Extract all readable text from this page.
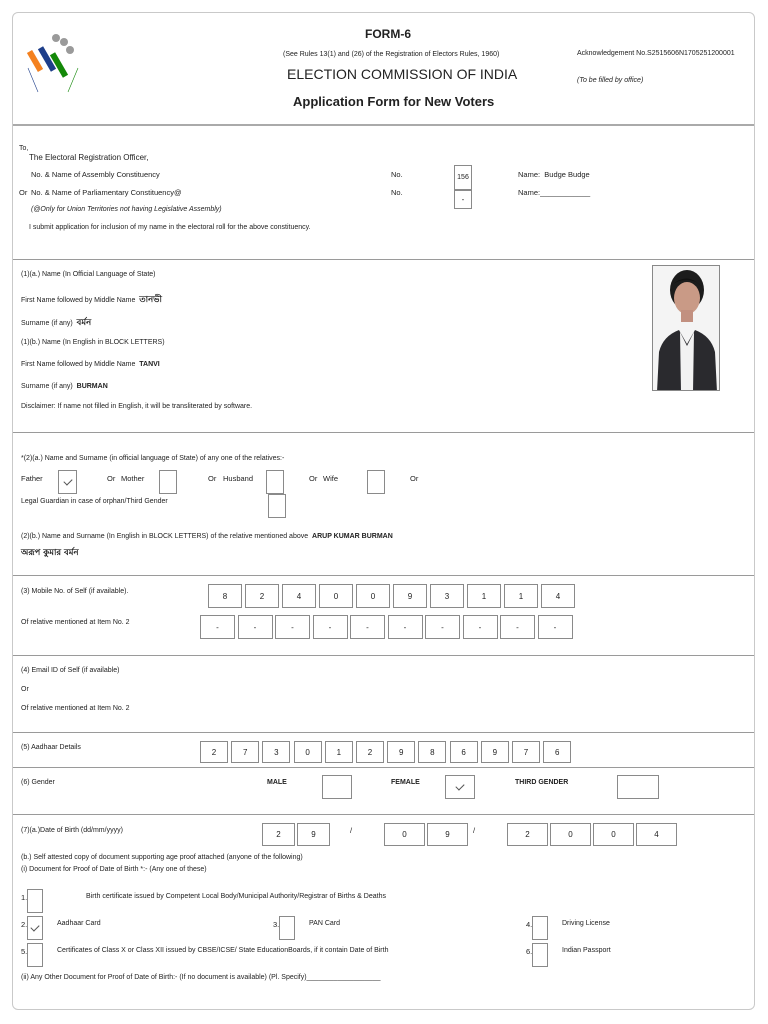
FORM-6
(See Rules 13(1) and (26) of the Registration of Electors Rules, 1960)
ELECTION COMMISSION OF INDIA
Application Form for New Voters
Acknowledgement No.S2515606N1705251200001
(To be filled by office)
To,
The Electoral Registration Officer,
No. & Name of Assembly Constituency
Or No. & Name of Parliamentary Constituency@
No.
No.
156
-
Name: Budge Budge
Name:____________
(@Only for Union Territories not having Legislative Assembly)
I submit application for inclusion of my name in the electoral roll for the above constituency.
(1)(a.) Name (In Official Language of State)
First Name followed by Middle Name তানভী
Surname (if any) বর্মন
(1)(b.) Name (In English in BLOCK LETTERS)
First Name followed by Middle Name TANVI
Surname (if any) BURMAN
Disclaimer: If name not filled in English, it will be transliterated by software.
*(2)(a.) Name and Surname (in official language of State) of any one of the relatives:-
Father	Or Mother	Or Husband	Or Wife	Or
Legal Guardian in case of orphan/Third Gender
(2)(b.) Name and Surname (In English in BLOCK LETTERS) of the relative mentioned above ARUP KUMAR BURMAN
অরূপ কুমার বর্মন
(3) Mobile No. of Self (if available).	8	2	4	0	0	9	3	1	1	4
Of relative mentioned at Item No. 2	-	-	-	-	-	-	-	-	-	-
(4) Email ID of Self (if available)
Or
Of relative mentioned at Item No. 2
(5) Aadhaar Details	2	7	3	0	1	2	9	8	6	9	7	6
(6) Gender	MALE	FEMALE	THIRD GENDER
(7)(a.)Date of Birth (dd/mm/yyyy)	2	9	0	9	2	0	0	4
/	/
(b.) Self attested copy of document supporting age proof attached (anyone of the following)
(i) Document for Proof of Date of Birth *:- (Any one of these)
1.	Birth certificate issued by Competent Local Body/Municipal Authority/Registrar of Births & Deaths
2.	Aadhaar Card	3.	PAN Card	4.	Driving License
5.	Certificates of Class X or Class XII issued by CBSE/ICSE/ State EducationBoards, if it contain Date of Birth	6.	Indian Passport
(ii) Any Other Document for Proof of Date of Birth:- (If no document is available) (Pl. Specify)___________________
